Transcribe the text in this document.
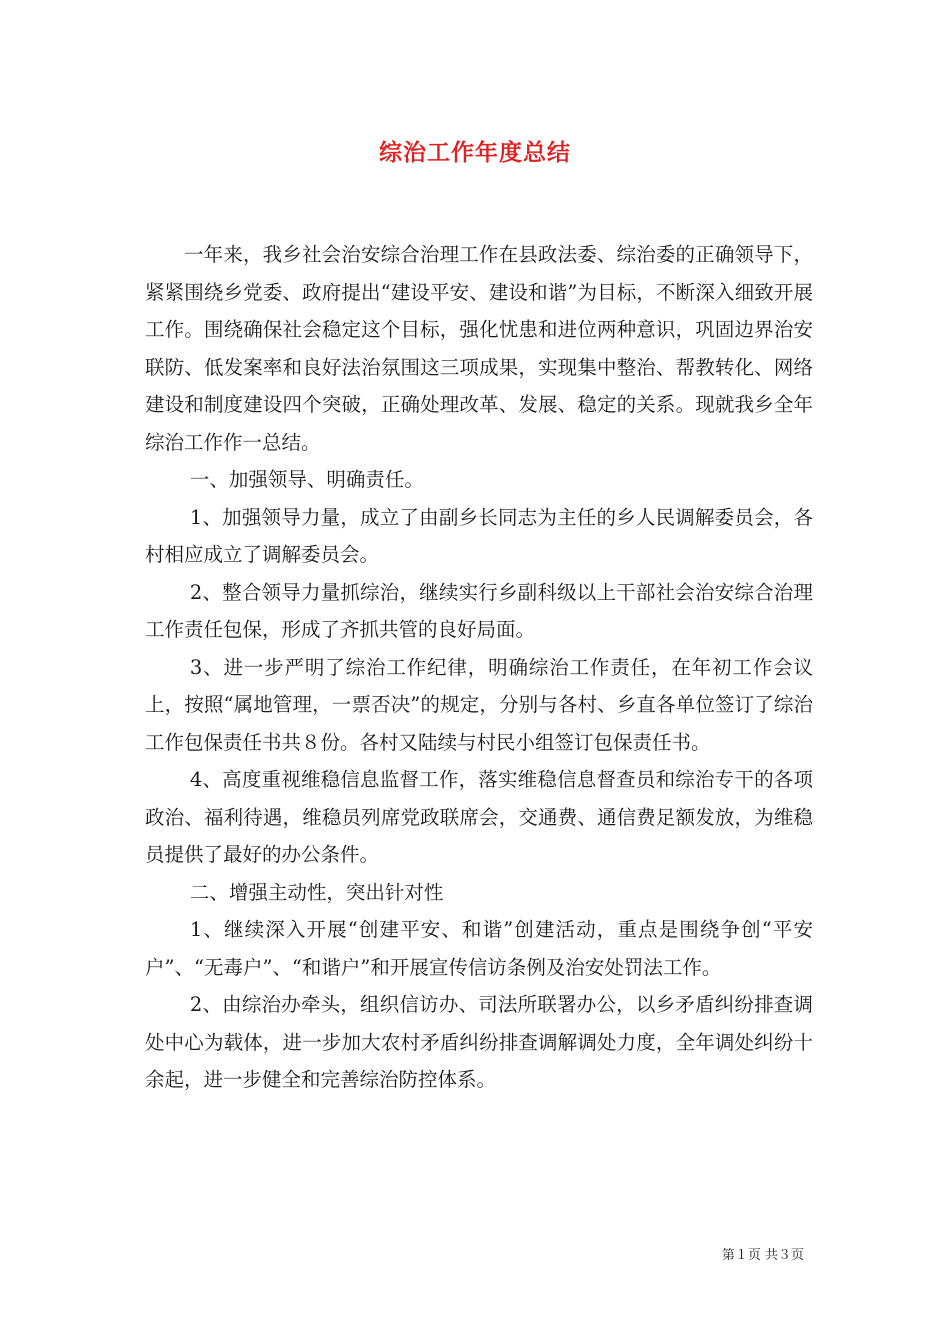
综治工作年度总结

一年来，我乡社会治安综合治理工作在县政法委、综治委的正确领导下，紧紧围绕乡党委、政府提出“建设平安、建设和谐”为目标，不断深入细致开展工作。围绕确保社会稳定这个目标，强化忧患和进位两种意识，巩固边界治安联防、低发案率和良好法治氛围这三项成果，实现集中整治、帮教转化、网络建设和制度建设四个突破，正确处理改革、发展、稳定的关系。现就我乡全年综治工作作一总结。

一、加强领导、明确责任。

1、加强领导力量，成立了由副乡长同志为主任的乡人民调解委员会，各村相应成立了调解委员会。

2、整合领导力量抓综治，继续实行乡副科级以上干部社会治安综合治理工作责任包保，形成了齐抓共管的良好局面。

3、进一步严明了综治工作纪律，明确综治工作责任，在年初工作会议上，按照“属地管理，一票否决”的规定，分别与各村、乡直各单位签订了综治工作包保责任书共８份。各村又陆续与村民小组签订包保责任书。

4、高度重视维稳信息监督工作，落实维稳信息督查员和综治专干的各项政治、福利待遇，维稳员列席党政联席会，交通费、通信费足额发放，为维稳员提供了最好的办公条件。

二、增强主动性，突出针对性

1、继续深入开展“创建平安、和谐”创建活动，重点是围绕争创“平安户”、“无毒户”、“和谐户”和开展宣传信访条例及治安处罚法工作。

2、由综治办牵头，组织信访办、司法所联署办公，以乡矛盾纠纷排查调处中心为载体，进一步加大农村矛盾纠纷排查调解调处力度，全年调处纠纷十余起，进一步健全和完善综治防控体系。

第１页 共３页
